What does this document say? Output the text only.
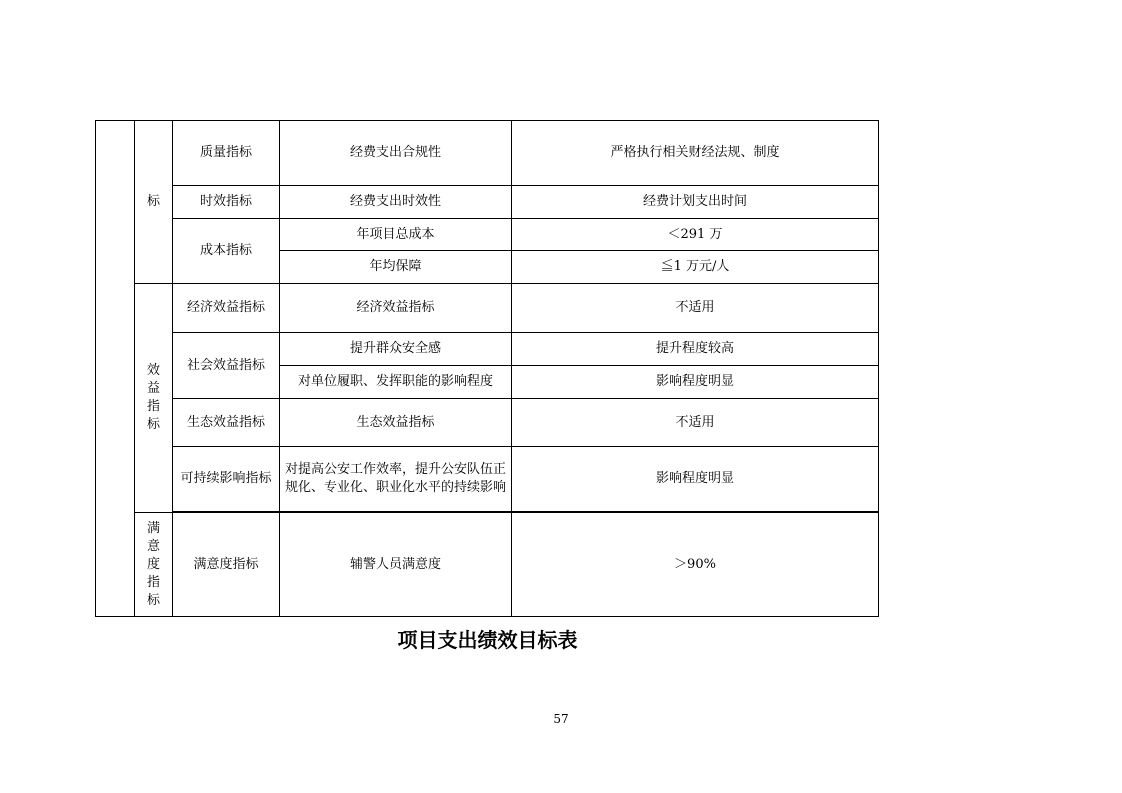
	标	质量指标	经费支出合规性	严格执行相关财经法规、制度
		时效指标	经费支出时效性	经费计划支出时间
		成本指标	年项目总成本	＜291 万
			年均保障	≦1 万元/人
	效益指标	经济效益指标	经济效益指标	不适用
		社会效益指标	提升群众安全感	提升程度较高
			对单位履职、发挥职能的影响程度	影响程度明显
		生态效益指标	生态效益指标	不适用
		可持续影响指标	对提高公安工作效率，提升公安队伍正规化、专业化、职业化水平的持续影响	影响程度明显

	满意度指标	满意度指标	辅警人员满意度	＞90%
项目支出绩效目标表
57
